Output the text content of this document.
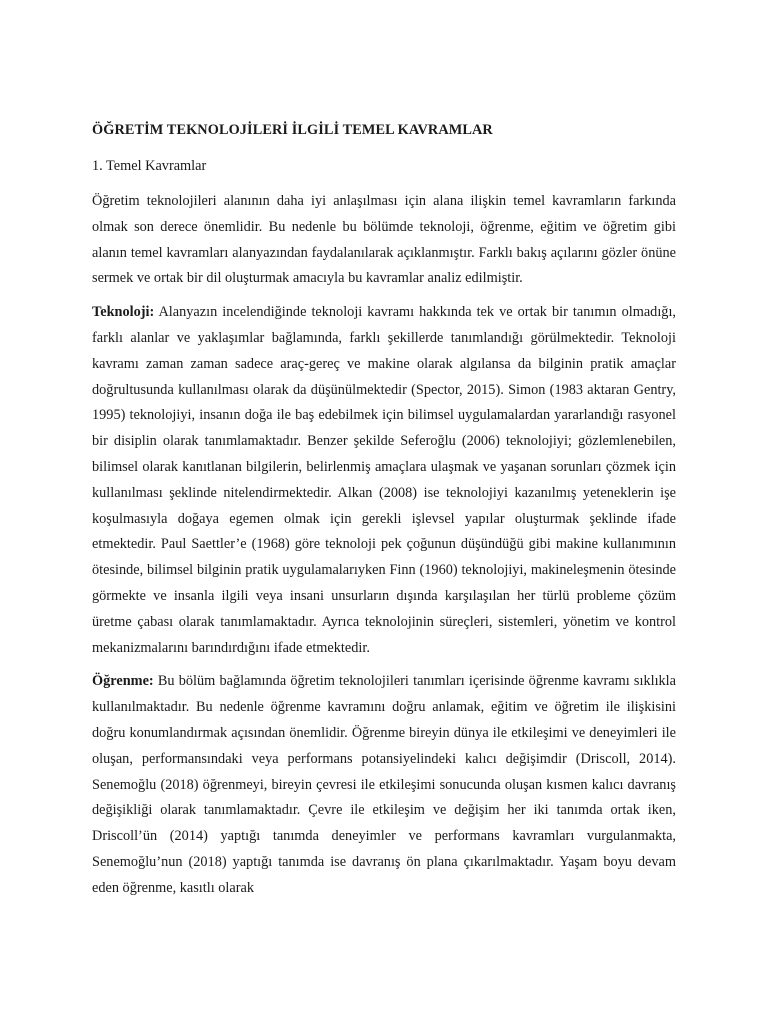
ÖĞRETİM TEKNOLOJİLERİ İLGİLİ TEMEL KAVRAMLAR
1. Temel Kavramlar

Öğretim teknolojileri alanının daha iyi anlaşılması için alana ilişkin temel kavramların farkında olmak son derece önemlidir. Bu nedenle bu bölümde teknoloji, öğrenme, eğitim ve öğretim gibi alanın temel kavramları alanyazından faydalanılarak açıklanmıştır. Farklı bakış açılarını gözler önüne sermek ve ortak bir dil oluşturmak amacıyla bu kavramlar analiz edilmiştir.

Teknoloji: Alanyazın incelendiğinde teknoloji kavramı hakkında tek ve ortak bir tanımın olmadığı, farklı alanlar ve yaklaşımlar bağlamında, farklı şekillerde tanımlandığı görülmektedir. Teknoloji kavramı zaman zaman sadece araç-gereç ve makine olarak algılansa da bilginin pratik amaçlar doğrultusunda kullanılması olarak da düşünülmektedir (Spector, 2015). Simon (1983 aktaran Gentry, 1995) teknolojiyi, insanın doğa ile baş edebilmek için bilimsel uygulamalardan yararlandığı rasyonel bir disiplin olarak tanımlamaktadır. Benzer şekilde Seferoğlu (2006) teknolojiyi; gözlemlenebilen, bilimsel olarak kanıtlanan bilgilerin, belirlenmiş amaçlara ulaşmak ve yaşanan sorunları çözmek için kullanılması şeklinde nitelendirmektedir. Alkan (2008) ise teknolojiyi kazanılmış yeteneklerin işe koşulmasıyla doğaya egemen olmak için gerekli işlevsel yapılar oluşturmak şeklinde ifade etmektedir. Paul Saettler’e (1968) göre teknoloji pek çoğunun düşündüğü gibi makine kullanımının ötesinde, bilimsel bilginin pratik uygulamalarıyken Finn (1960) teknolojiyi, makineleşmenin ötesinde görmekte ve insanla ilgili veya insani unsurların dışında karşılaşılan her türlü probleme çözüm üretme çabası olarak tanımlamaktadır. Ayrıca teknolojinin süreçleri, sistemleri, yönetim ve kontrol mekanizmalarını barındırdığını ifade etmektedir.

Öğrenme: Bu bölüm bağlamında öğretim teknolojileri tanımları içerisinde öğrenme kavramı sıklıkla kullanılmaktadır. Bu nedenle öğrenme kavramını doğru anlamak, eğitim ve öğretim ile ilişkisini doğru konumlandırmak açısından önemlidir. Öğrenme bireyin dünya ile etkileşimi ve deneyimleri ile oluşan, performansındaki veya performans potansiyelindeki kalıcı değişimdir (Driscoll, 2014). Senemoğlu (2018) öğrenmeyi, bireyin çevresi ile etkileşimi sonucunda oluşan kısmen kalıcı davranış değişikliği olarak tanımlamaktadır. Çevre ile etkileşim ve değişim her iki tanımda ortak iken, Driscoll’ün (2014) yaptığı tanımda deneyimler ve performans kavramları vurgulanmakta, Senemoğlu’nun (2018) yaptığı tanımda ise davranış ön plana çıkarılmaktadır. Yaşam boyu devam eden öğrenme, kasıtlı olarak
